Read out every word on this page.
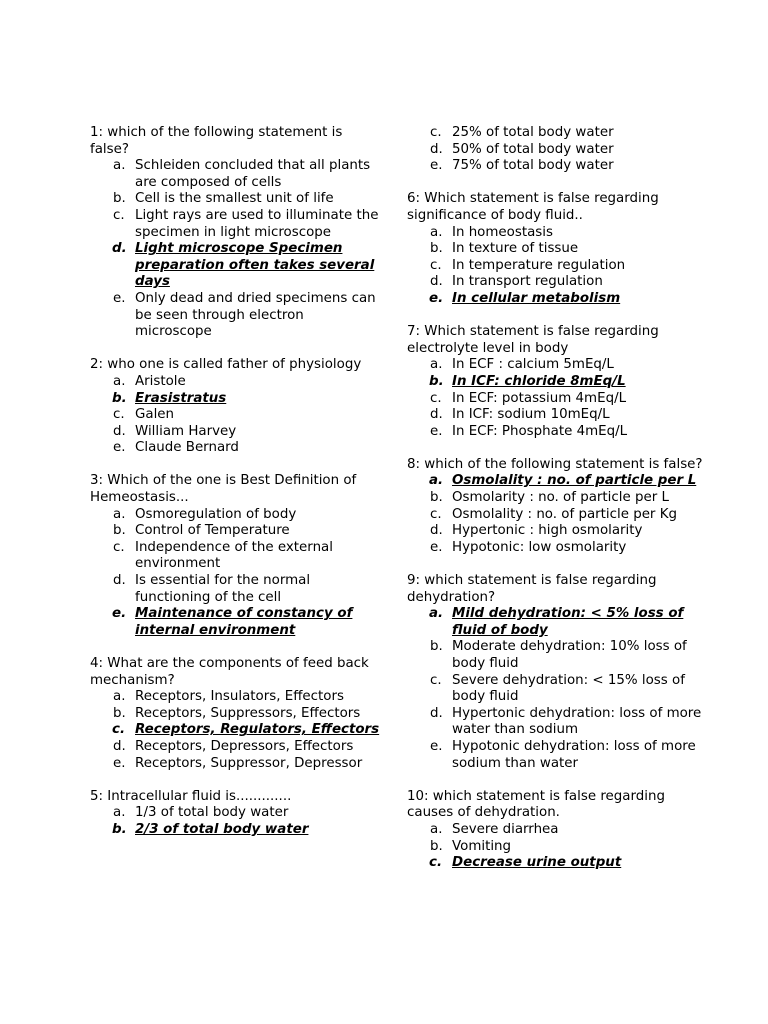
1: which of the following statement is false?
a. Schleiden concluded that all plants are composed of cells
b. Cell is the smallest unit of life
c. Light rays are used to illuminate the specimen in light microscope
d. Light microscope Specimen preparation often takes several days
e. Only dead and dried specimens can be seen through electron microscope
2: who one is called father of physiology
a. Aristole
b. Erasistratus
c. Galen
d. William Harvey
e. Claude Bernard
3: Which of the one is Best Definition of Hemeostasis...
a. Osmoregulation of body
b. Control of Temperature
c. Independence of the external environment
d. Is essential for the normal functioning of the cell
e. Maintenance of constancy of internal environment
4: What are the components of feed back mechanism?
a. Receptors, Insulators, Effectors
b. Receptors, Suppressors, Effectors
c. Receptors, Regulators, Effectors
d. Receptors, Depressors, Effectors
e. Receptors, Suppressor, Depressor
5: Intracellular fluid is.............
a. 1/3 of total body water
b. 2/3 of total body water
c. 25% of total body water
d. 50% of total body water
e. 75% of total body water
6: Which statement is false regarding significance of body fluid..
a. In homeostasis
b. In texture of tissue
c. In temperature regulation
d. In transport regulation
e. In cellular metabolism
7: Which statement is false regarding electrolyte level in body
a. In ECF : calcium 5mEq/L
b. In ICF: chloride 8mEq/L
c. In ECF: potassium 4mEq/L
d. In ICF: sodium 10mEq/L
e. In ECF: Phosphate 4mEq/L
8: which of the following statement is false?
a. Osmolality : no. of particle per L
b. Osmolarity : no. of particle per L
c. Osmolality : no. of particle per Kg
d. Hypertonic : high osmolarity
e. Hypotonic: low osmolarity
9: which statement is false regarding dehydration?
a. Mild dehydration: < 5% loss of fluid of body
b. Moderate dehydration: 10% loss of body fluid
c. Severe dehydration: < 15% loss of body fluid
d. Hypertonic dehydration: loss of more water than sodium
e. Hypotonic dehydration: loss of more sodium than water
10: which statement is false regarding causes of dehydration.
a. Severe diarrhea
b. Vomiting
c. Decrease urine output
